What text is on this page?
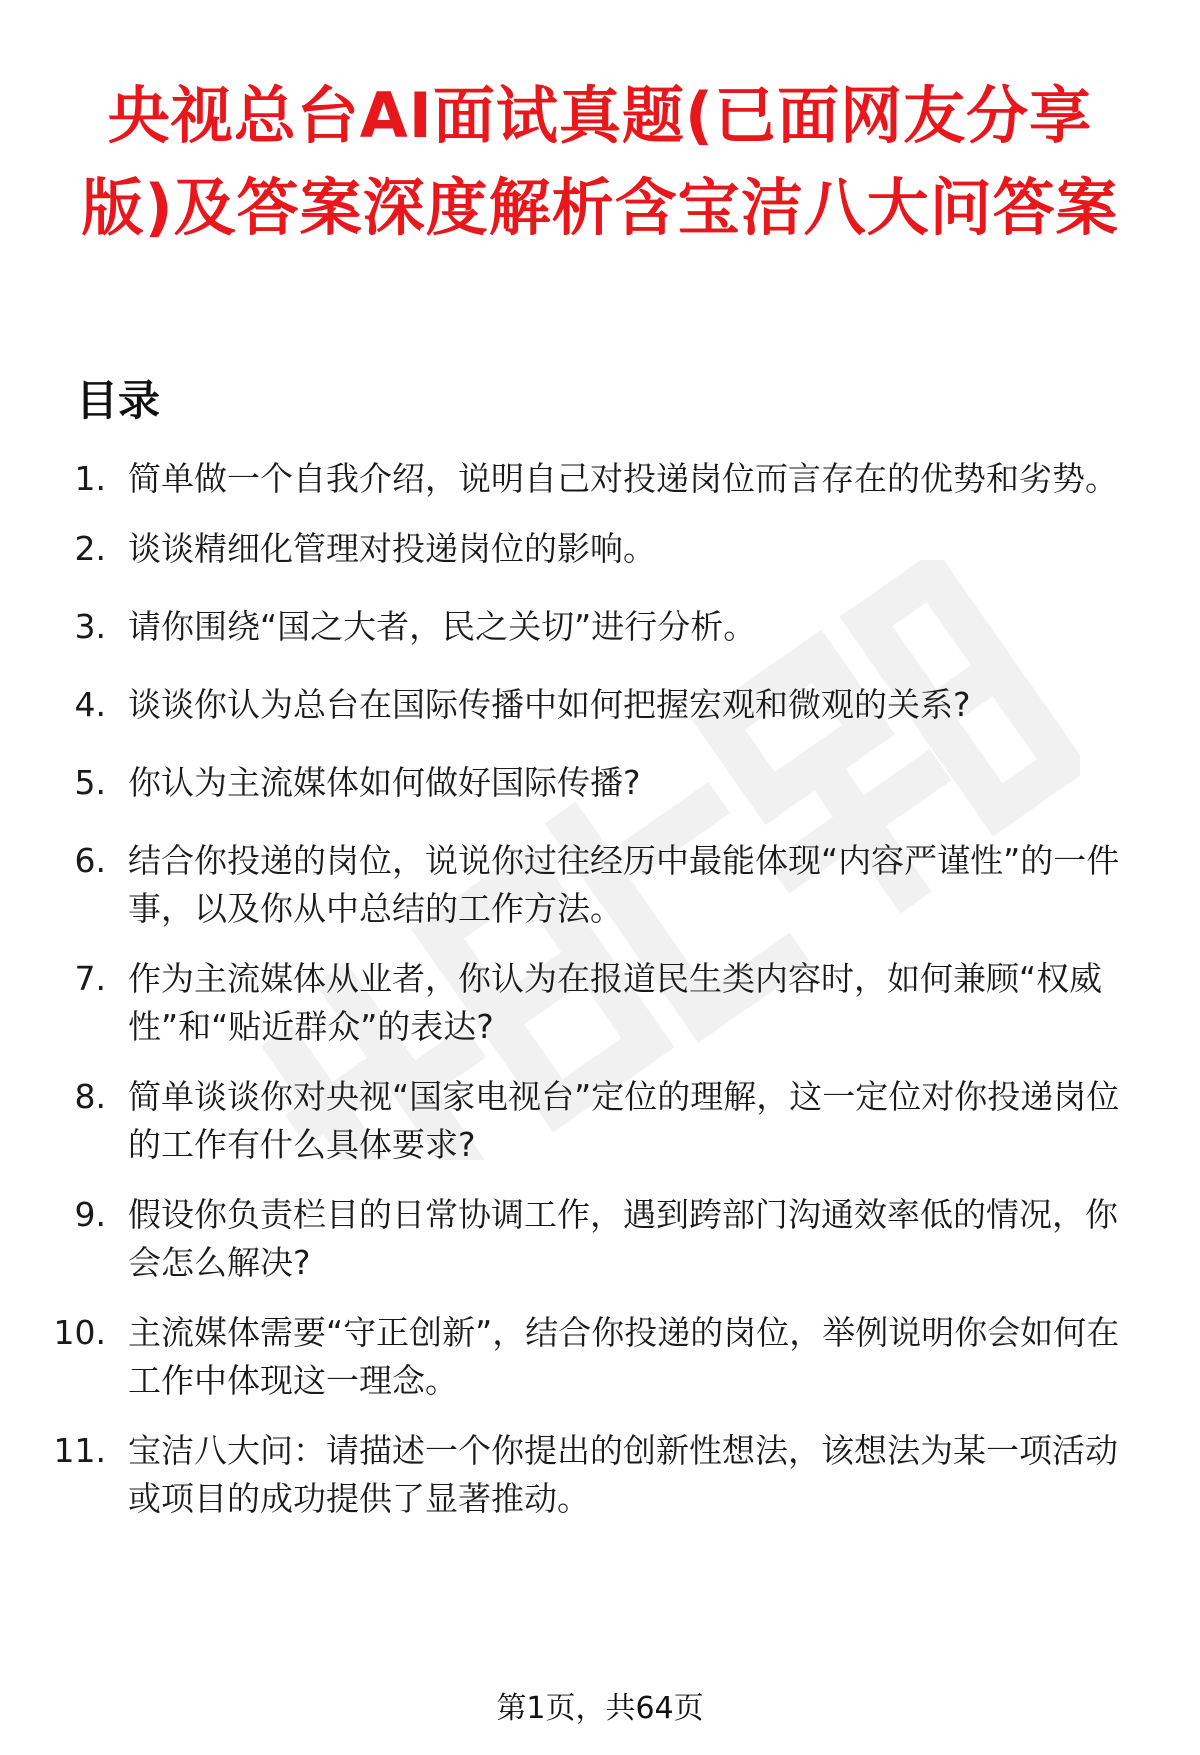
央视总台AI面试真题(已面网友分享版)及答案深度解析含宝洁八大问答案
目录
1. 简单做一个自我介绍，说明自己对投递岗位而言存在的优势和劣势。
2. 谈谈精细化管理对投递岗位的影响。
3. 请你围绕“国之大者，民之关切”进行分析。
4. 谈谈你认为总台在国际传播中如何把握宏观和微观的关系?
5. 你认为主流媒体如何做好国际传播?
6. 结合你投递的岗位，说说你过往经历中最能体现“内容严谨性”的一件事，以及你从中总结的工作方法。
7. 作为主流媒体从业者，你认为在报道民生类内容时，如何兼顾“权威性”和“贴近群众”的表达?
8. 简单谈谈你对央视“国家电视台”定位的理解，这一定位对你投递岗位的工作有什么具体要求?
9. 假设你负责栏目的日常协调工作，遇到跨部门沟通效率低的情况，你会怎么解决?
10. 主流媒体需要“守正创新”，结合你投递的岗位，举例说明你会如何在工作中体现这一理念。
11. 宝洁八大问：请描述一个你提出的创新性想法，该想法为某一项活动或项目的成功提供了显著推动。
第1页，共64页
